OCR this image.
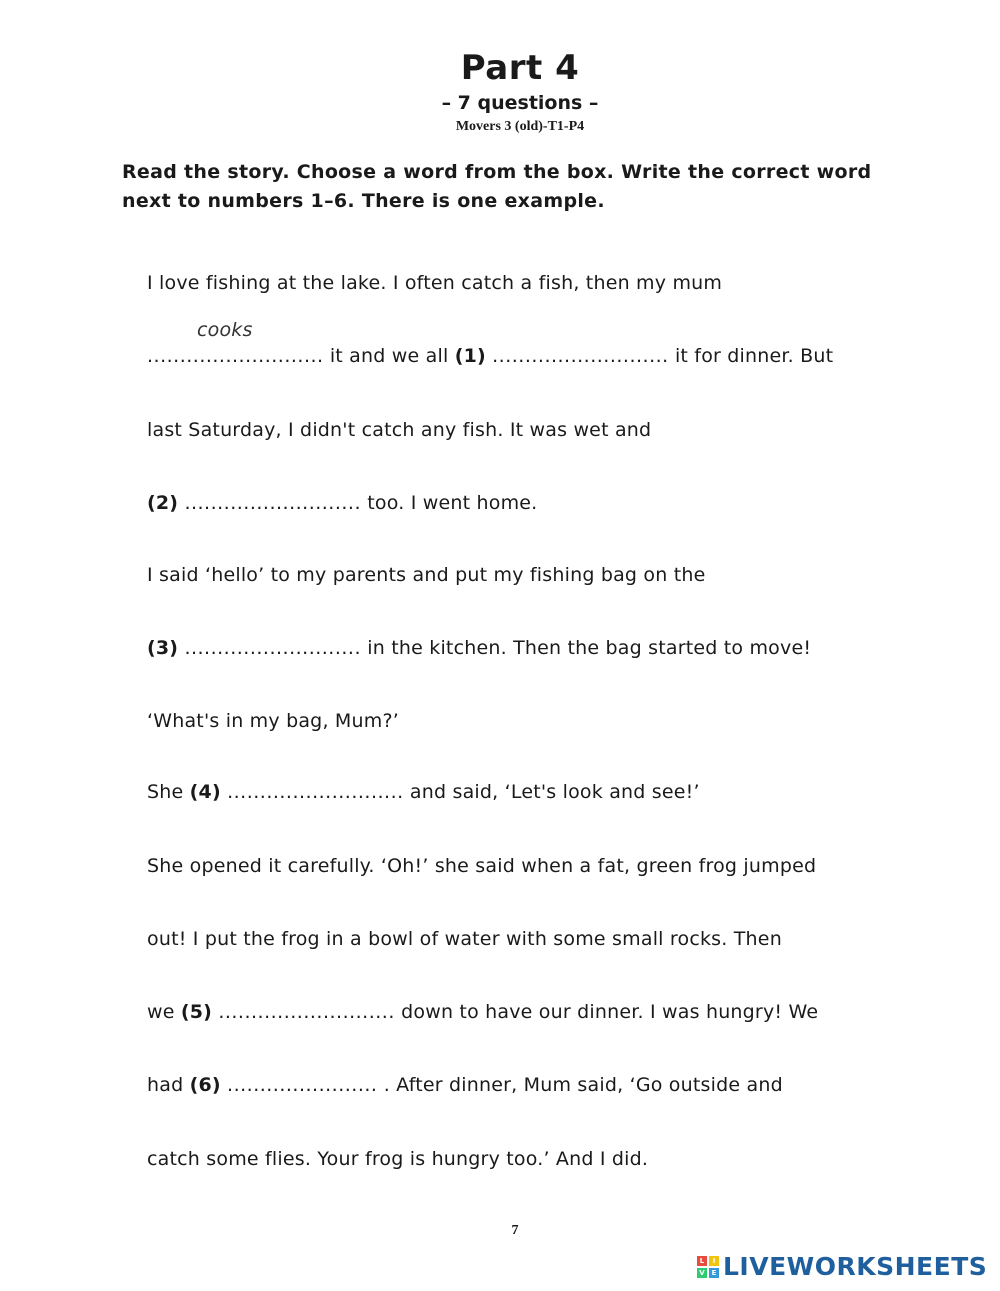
Part 4
– 7 questions –
Movers 3 (old)-T1-P4
Read the story. Choose a word from the box. Write the correct word next to numbers 1–6. There is one example.
I love fishing at the lake. I often catch a fish, then my mum
cooks
........................... it and we all (1) ........................... it for dinner. But
last Saturday, I didn't catch any fish. It was wet and
(2) ........................... too. I went home.
I said ‘hello’ to my parents and put my fishing bag on the
(3) ........................... in the kitchen. Then the bag started to move!
‘What's in my bag, Mum?’
She (4) ........................... and said, ‘Let's look and see!’
She opened it carefully. ‘Oh!’ she said when a fat, green frog jumped
out! I put the frog in a bowl of water with some small rocks. Then
we (5) ........................... down to have our dinner. I was hungry! We
had (6) ....................... . After dinner, Mum said, ‘Go outside and
catch some flies. Your frog is hungry too.’ And I did.
7
L	I
V E LIVEWORKSHEETS
